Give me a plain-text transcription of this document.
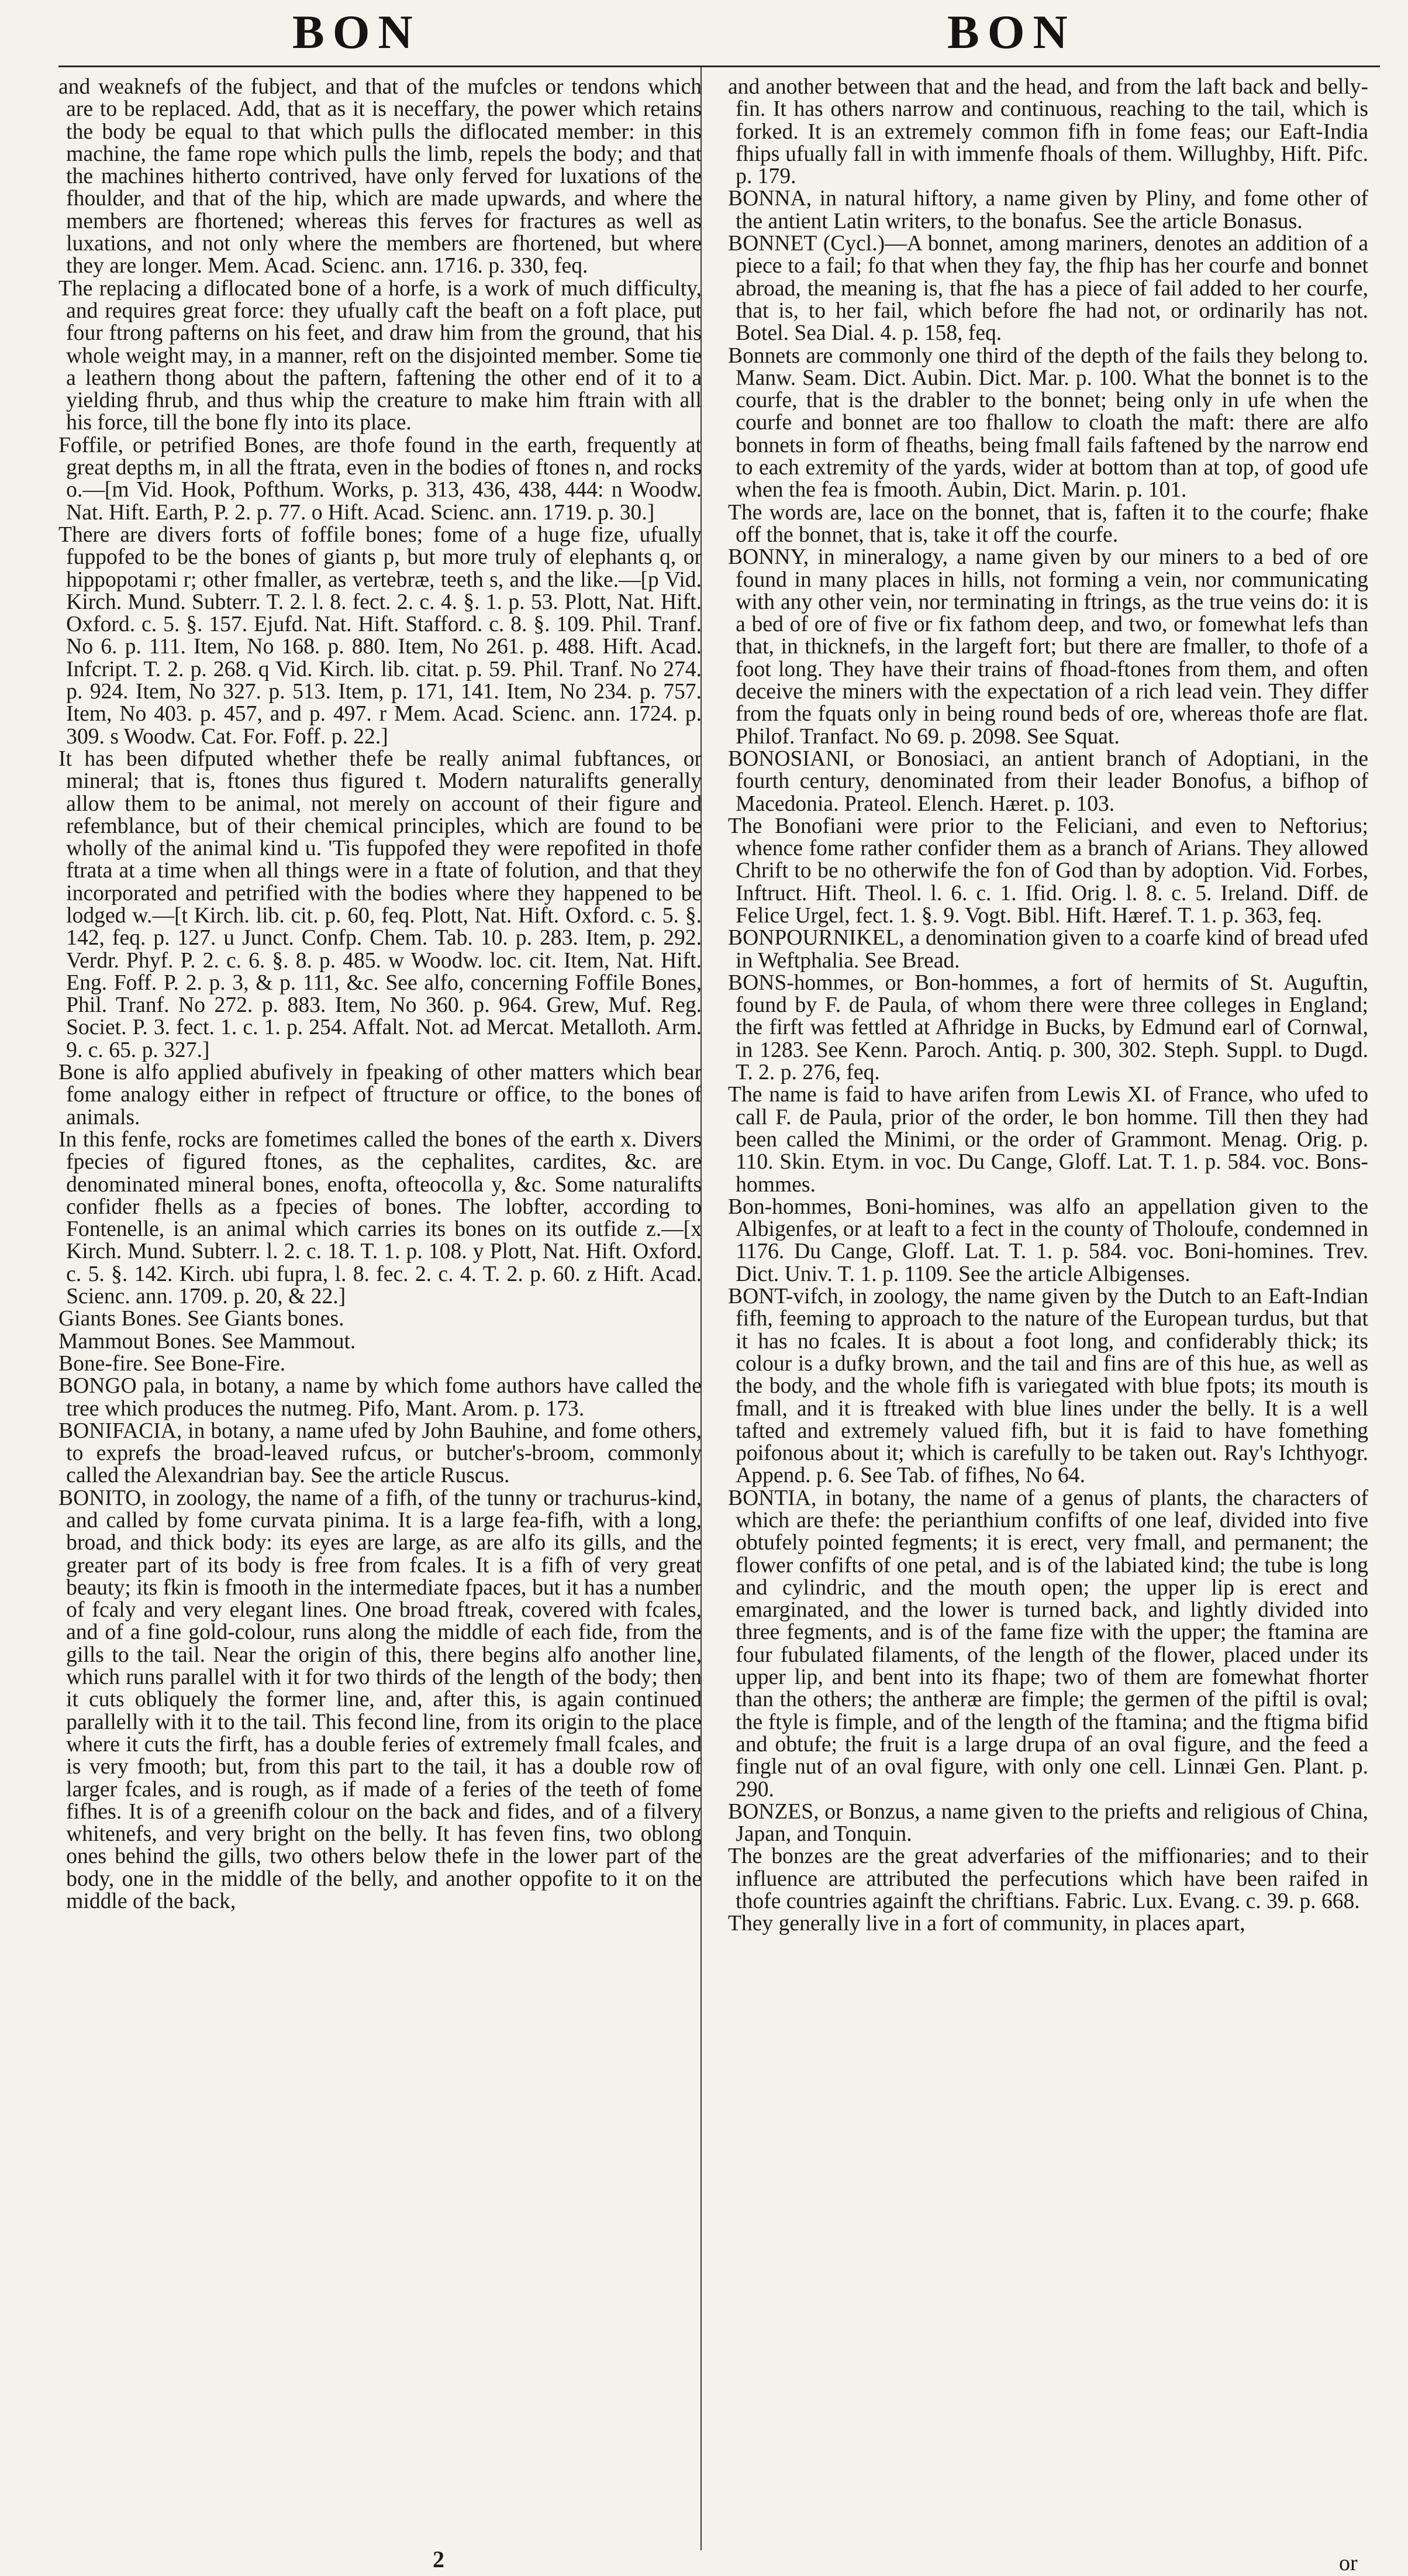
BON	BON

and weaknefs of the fubject, and that of the mufcles or tendons which are to be replaced. Add, that as it is neceffary, the power which retains the body be equal to that which pulls the diflocated member: in this machine, the fame rope which pulls the limb, repels the body; and that the machines hitherto contrived, have only ferved for luxations of the fhoulder, and that of the hip, which are made upwards, and where the members are fhortened; whereas this ferves for fractures as well as luxations, and not only where the members are fhortened, but where they are longer. Mem. Acad. Scienc. ann. 1716. p. 330, feq.

The replacing a diflocated bone of a horfe, is a work of much difficulty, and requires great force: they ufually caft the beaft on a foft place, put four ftrong pafterns on his feet, and draw him from the ground, that his whole weight may, in a manner, reft on the disjointed member. Some tie a leathern thong about the paftern, faftening the other end of it to a yielding fhrub, and thus whip the creature to make him ftrain with all his force, till the bone fly into its place.

Foffile, or petrified Bones, are thofe found in the earth, frequently at great depths m, in all the ftrata, even in the bodies of ftones n, and rocks o.—[m Vid. Hook, Pofthum. Works, p. 313, 436, 438, 444: n Woodw. Nat. Hift. Earth, P. 2. p. 77. o Hift. Acad. Scienc. ann. 1719. p. 30.]

There are divers forts of foffile bones; fome of a huge fize, ufually fuppofed to be the bones of giants p, but more truly of elephants q, or hippopotami r; other fmaller, as vertebræ, teeth s, and the like.—[p Vid. Kirch. Mund. Subterr. T. 2. l. 8. fect. 2. c. 4. §. 1. p. 53. Plott, Nat. Hift. Oxford. c. 5. §. 157. Ejufd. Nat. Hift. Stafford. c. 8. §. 109. Phil. Tranf. No 6. p. 111. Item, No 168. p. 880. Item, No 261. p. 488. Hift. Acad. Infcript. T. 2. p. 268. q Vid. Kirch. lib. citat. p. 59. Phil. Tranf. No 274. p. 924. Item, No 327. p. 513. Item, p. 171, 141. Item, No 234. p. 757. Item, No 403. p. 457, and p. 497. r Mem. Acad. Scienc. ann. 1724. p. 309. s Woodw. Cat. For. Foff. p. 22.]

It has been difputed whether thefe be really animal fubftances, or mineral; that is, ftones thus figured t. Modern naturalifts generally allow them to be animal, not merely on account of their figure and refemblance, but of their chemical principles, which are found to be wholly of the animal kind u. 'Tis fuppofed they were repofited in thofe ftrata at a time when all things were in a ftate of folution, and that they incorporated and petrified with the bodies where they happened to be lodged w.—[t Kirch. lib. cit. p. 60, feq. Plott, Nat. Hift. Oxford. c. 5. §. 142, feq. p. 127. u Junct. Confp. Chem. Tab. 10. p. 283. Item, p. 292. Verdr. Phyf. P. 2. c. 6. §. 8. p. 485. w Woodw. loc. cit. Item, Nat. Hift. Eng. Foff. P. 2. p. 3, & p. 111, &c. See alfo, concerning Foffile Bones, Phil. Tranf. No 272. p. 883. Item, No 360. p. 964. Grew, Muf. Reg. Societ. P. 3. fect. 1. c. 1. p. 254. Affalt. Not. ad Mercat. Metalloth. Arm. 9. c. 65. p. 327.]

Bone is alfo applied abufively in fpeaking of other matters which bear fome analogy either in refpect of ftructure or office, to the bones of animals.

In this fenfe, rocks are fometimes called the bones of the earth x. Divers fpecies of figured ftones, as the cephalites, cardites, &c. are denominated mineral bones, enofta, ofteocolla y, &c. Some naturalifts confider fhells as a fpecies of bones. The lobfter, according to Fontenelle, is an animal which carries its bones on its outfide z.—[x Kirch. Mund. Subterr. l. 2. c. 18. T. 1. p. 108. y Plott, Nat. Hift. Oxford. c. 5. §. 142. Kirch. ubi fupra, l. 8. fec. 2. c. 4. T. 2. p. 60. z Hift. Acad. Scienc. ann. 1709. p. 20, & 22.]

Giants Bones. See Giants bones.

Mammout Bones. See Mammout.

Bone-fire. See Bone-Fire.

BONGO pala, in botany, a name by which fome authors have called the tree which produces the nutmeg. Pifo, Mant. Arom. p. 173.

BONIFACIA, in botany, a name ufed by John Bauhine, and fome others, to exprefs the broad-leaved rufcus, or butcher's-broom, commonly called the Alexandrian bay. See the article Ruscus.

BONITO, in zoology, the name of a fifh, of the tunny or trachurus-kind, and called by fome curvata pinima. It is a large fea-fifh, with a long, broad, and thick body: its eyes are large, as are alfo its gills, and the greater part of its body is free from fcales. It is a fifh of very great beauty; its fkin is fmooth in the intermediate fpaces, but it has a number of fcaly and very elegant lines. One broad ftreak, covered with fcales, and of a fine gold-colour, runs along the middle of each fide, from the gills to the tail. Near the origin of this, there begins alfo another line, which runs parallel with it for two thirds of the length of the body; then it cuts obliquely the former line, and, after this, is again continued parallelly with it to the tail. This fecond line, from its origin to the place where it cuts the firft, has a double feries of extremely fmall fcales, and is very fmooth; but, from this part to the tail, it has a double row of larger fcales, and is rough, as if made of a feries of the teeth of fome fifhes. It is of a greenifh colour on the back and fides, and of a filvery whitenefs, and very bright on the belly. It has feven fins, two oblong ones behind the gills, two others below thefe in the lower part of the body, one in the middle of the belly, and another oppofite to it on the middle of the back,

and another between that and the head, and from the laft back and belly-fin. It has others narrow and continuous, reaching to the tail, which is forked. It is an extremely common fifh in fome feas; our Eaft-India fhips ufually fall in with immenfe fhoals of them. Willughby, Hift. Pifc. p. 179.

BONNA, in natural hiftory, a name given by Pliny, and fome other of the antient Latin writers, to the bonafus. See the article Bonasus.

BONNET (Cycl.)—A bonnet, among mariners, denotes an addition of a piece to a fail; fo that when they fay, the fhip has her courfe and bonnet abroad, the meaning is, that fhe has a piece of fail added to her courfe, that is, to her fail, which before fhe had not, or ordinarily has not. Botel. Sea Dial. 4. p. 158, feq.

Bonnets are commonly one third of the depth of the fails they belong to. Manw. Seam. Dict. Aubin. Dict. Mar. p. 100. What the bonnet is to the courfe, that is the drabler to the bonnet; being only in ufe when the courfe and bonnet are too fhallow to cloath the maft: there are alfo bonnets in form of fheaths, being fmall fails faftened by the narrow end to each extremity of the yards, wider at bottom than at top, of good ufe when the fea is fmooth. Aubin, Dict. Marin. p. 101.

The words are, lace on the bonnet, that is, faften it to the courfe; fhake off the bonnet, that is, take it off the courfe.

BONNY, in mineralogy, a name given by our miners to a bed of ore found in many places in hills, not forming a vein, nor communicating with any other vein, nor terminating in ftrings, as the true veins do: it is a bed of ore of five or fix fathom deep, and two, or fomewhat lefs than that, in thicknefs, in the largeft fort; but there are fmaller, to thofe of a foot long. They have their trains of fhoad-ftones from them, and often deceive the miners with the expectation of a rich lead vein. They differ from the fquats only in being round beds of ore, whereas thofe are flat. Philof. Tranfact. No 69. p. 2098. See Squat.

BONOSIANI, or Bonosiaci, an antient branch of Adoptiani, in the fourth century, denominated from their leader Bonofus, a bifhop of Macedonia. Prateol. Elench. Hæret. p. 103.

The Bonofiani were prior to the Feliciani, and even to Neftorius; whence fome rather confider them as a branch of Arians. They allowed Chrift to be no otherwife the fon of God than by adoption. Vid. Forbes, Inftruct. Hift. Theol. l. 6. c. 1. Ifid. Orig. l. 8. c. 5. Ireland. Diff. de Felice Urgel, fect. 1. §. 9. Vogt. Bibl. Hift. Hæref. T. 1. p. 363, feq.

BONPOURNIKEL, a denomination given to a coarfe kind of bread ufed in Weftphalia. See Bread.

BONS-hommes, or Bon-hommes, a fort of hermits of St. Auguftin, found by F. de Paula, of whom there were three colleges in England; the firft was fettled at Afhridge in Bucks, by Edmund earl of Cornwal, in 1283. See Kenn. Paroch. Antiq. p. 300, 302. Steph. Suppl. to Dugd. T. 2. p. 276, feq.

The name is faid to have arifen from Lewis XI. of France, who ufed to call F. de Paula, prior of the order, le bon homme. Till then they had been called the Minimi, or the order of Grammont. Menag. Orig. p. 110. Skin. Etym. in voc. Du Cange, Gloff. Lat. T. 1. p. 584. voc. Bons-hommes.

Bon-hommes, Boni-homines, was alfo an appellation given to the Albigenfes, or at leaft to a fect in the county of Tholoufe, condemned in 1176. Du Cange, Gloff. Lat. T. 1. p. 584. voc. Boni-homines. Trev. Dict. Univ. T. 1. p. 1109. See the article Albigenses.

BONT-vifch, in zoology, the name given by the Dutch to an Eaft-Indian fifh, feeming to approach to the nature of the European turdus, but that it has no fcales. It is about a foot long, and confiderably thick; its colour is a dufky brown, and the tail and fins are of this hue, as well as the body, and the whole fifh is variegated with blue fpots; its mouth is fmall, and it is ftreaked with blue lines under the belly. It is a well tafted and extremely valued fifh, but it is faid to have fomething poifonous about it; which is carefully to be taken out. Ray's Ichthyogr. Append. p. 6. See Tab. of fifhes, No 64.

BONTIA, in botany, the name of a genus of plants, the characters of which are thefe: the perianthium confifts of one leaf, divided into five obtufely pointed fegments; it is erect, very fmall, and permanent; the flower confifts of one petal, and is of the labiated kind; the tube is long and cylindric, and the mouth open; the upper lip is erect and emarginated, and the lower is turned back, and lightly divided into three fegments, and is of the fame fize with the upper; the ftamina are four fubulated filaments, of the length of the flower, placed under its upper lip, and bent into its fhape; two of them are fomewhat fhorter than the others; the antheræ are fimple; the germen of the piftil is oval; the ftyle is fimple, and of the length of the ftamina; and the ftigma bifid and obtufe; the fruit is a large drupa of an oval figure, and the feed a fingle nut of an oval figure, with only one cell. Linnæi Gen. Plant. p. 290.

BONZES, or Bonzus, a name given to the priefts and religious of China, Japan, and Tonquin.

The bonzes are the great adverfaries of the miffionaries; and to their influence are attributed the perfecutions which have been raifed in thofe countries againft the chriftians. Fabric. Lux. Evang. c. 39. p. 668.

They generally live in a fort of community, in places apart,

2	or
